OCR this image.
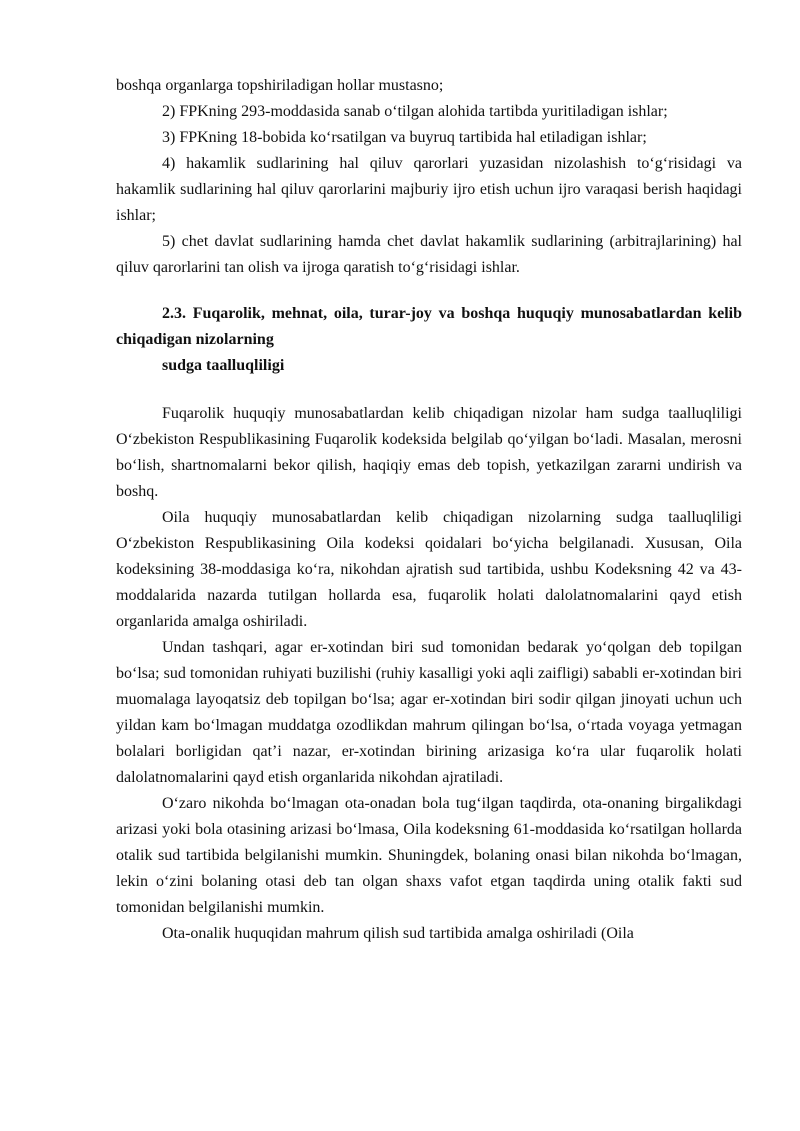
boshqa organlarga topshiriladigan hollar mustasno;

2) FPKning 293-moddasida sanab o‘tilgan alohida tartibda yuritiladigan ishlar;

3) FPKning 18-bobida ko‘rsatilgan va buyruq tartibida hal etiladigan ishlar;

4) hakamlik sudlarining hal qiluv qarorlari yuzasidan nizolashish to‘g‘risidagi va hakamlik sudlarining hal qiluv qarorlarini majburiy ijro etish uchun ijro varaqasi berish haqidagi ishlar;

5) chet davlat sudlarining hamda chet davlat hakamlik sudlarining (arbitrajlarining) hal qiluv qarorlarini tan olish va ijroga qaratish to‘g‘risidagi ishlar.

2.3. Fuqarolik, mehnat, oila, turar-joy va boshqa huquqiy munosabatlardan kelib chiqadigan nizolarning

sudga taalluqliligi

Fuqarolik huquqiy munosabatlardan kelib chiqadigan nizolar ham sudga taalluqliligi O‘zbekiston Respublikasining Fuqarolik kodeksida belgilab qo‘yilgan bo‘ladi. Masalan, merosni bo‘lish, shartnomalarni bekor qilish, haqiqiy emas deb topish, yetkazilgan zararni undirish va boshq.

Oila huquqiy munosabatlardan kelib chiqadigan nizolarning sudga taalluqliligi O‘zbekiston Respublikasining Oila kodeksi qoidalari bo‘yicha belgilanadi. Xususan, Oila kodeksining 38-moddasiga ko‘ra, nikohdan ajratish sud tartibida, ushbu Kodeksning 42 va 43-moddalarida nazarda tutilgan hollarda esa, fuqarolik holati dalolatnomalarini qayd etish organlarida amalga oshiriladi.

Undan tashqari, agar er-xotindan biri sud tomonidan bedarak yo‘qolgan deb topilgan bo‘lsa; sud tomonidan ruhiyati buzilishi (ruhiy kasalligi yoki aqli zaifligi) sababli er-xotindan biri muomalaga layoqatsiz deb topilgan bo‘lsa; agar er-xotindan biri sodir qilgan jinoyati uchun uch yildan kam bo‘lmagan muddatga ozodlikdan mahrum qilingan bo‘lsa, o‘rtada voyaga yetmagan bolalari borligidan qat’i nazar, er-xotindan birining arizasiga ko‘ra ular fuqarolik holati dalolatnomalarini qayd etish organlarida nikohdan ajratiladi.

O‘zaro nikohda bo‘lmagan ota-onadan bola tug‘ilgan taqdirda, ota-onaning birgalikdagi arizasi yoki bola otasining arizasi bo‘lmasa, Oila kodeksning 61-moddasida ko‘rsatilgan hollarda otalik sud tartibida belgilanishi mumkin. Shuningdek, bolaning onasi bilan nikohda bo‘lmagan, lekin o‘zini bolaning otasi deb tan olgan shaxs vafot etgan taqdirda uning otalik fakti sud tomonidan belgilanishi mumkin.

Ota-onalik huquqidan mahrum qilish sud tartibida amalga oshiriladi (Oila
